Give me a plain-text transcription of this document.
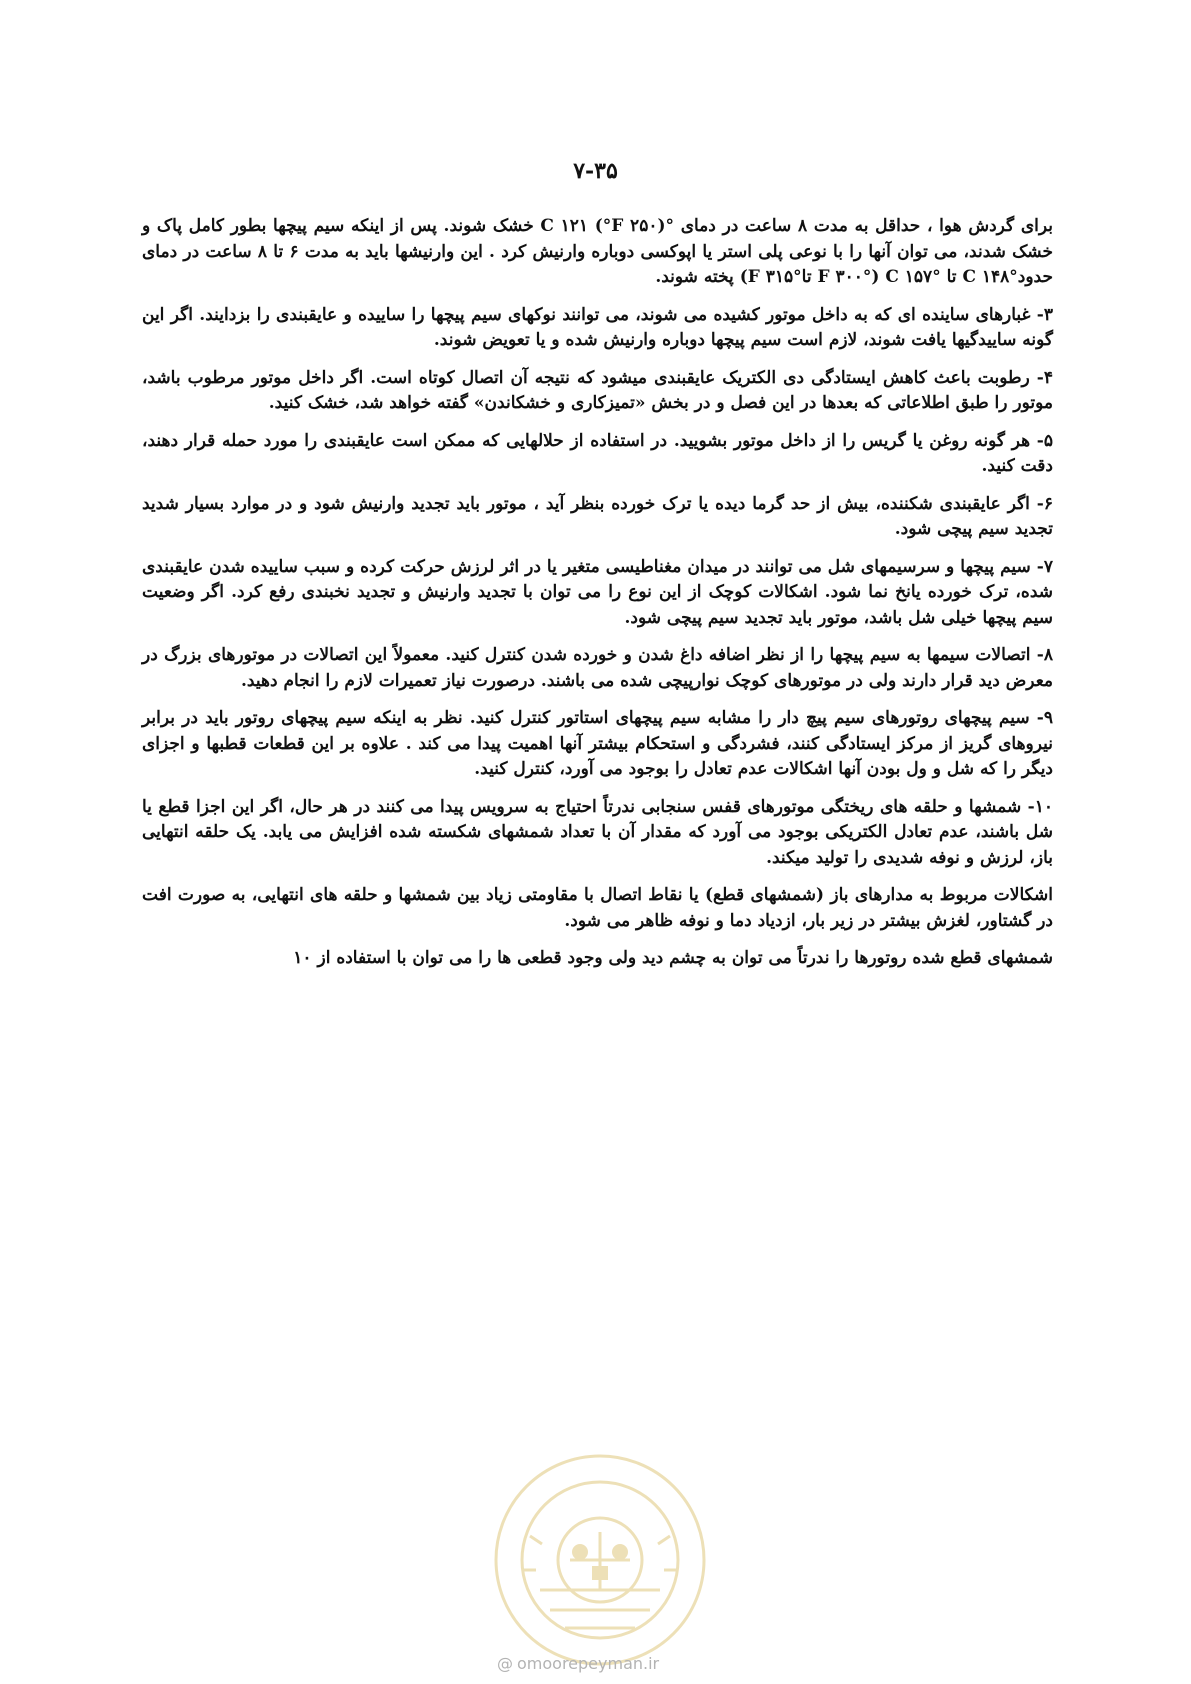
۷-۳۵

برای گردش هوا ، حداقل به مدت ۸ ساعت در دمای °C ۱۲۱ (°F ۲۵۰) خشک شوند. پس از اینکه سیم پیچها بطور کامل پاک و خشک شدند، می توان آنها را با نوعی پلی استر یا اپوکسی دوباره وارنیش کرد . این وارنیشها باید به مدت ۶ تا ۸ ساعت در دمای حدود°C ۱۴۸ تا °C ۱۵۷ (°F ۳۰۰ تا°F ۳۱۵) پخته شوند.

۳- غبارهای ساینده ای که به داخل موتور کشیده می شوند، می توانند نوکهای سیم پیچها را ساییده و عایقبندی را بزدایند. اگر این گونه ساییدگیها یافت شوند، لازم است سیم پیچها دوباره وارنیش شده و یا تعویض شوند.

۴- رطوبت باعث کاهش ایستادگی دی الکتریک عایقبندی میشود که نتیجه آن اتصال کوتاه است. اگر داخل موتور مرطوب باشد، موتور را طبق اطلاعاتی که بعدها در این فصل و در بخش «تمیزکاری و خشکاندن» گفته خواهد شد، خشک کنید.

۵- هر گونه روغن یا گریس را از داخل موتور بشویید. در استفاده از حلالهایی که ممکن است عایقبندی را مورد حمله قرار دهند، دقت کنید.

۶- اگر عایقبندی شکننده، بیش از حد گرما دیده یا ترک خورده بنظر آید ، موتور باید تجدید وارنیش شود و در موارد بسیار شدید تجدید سیم پیچی شود.

۷- سیم پیچها و سرسیمهای شل می توانند در میدان مغناطیسی متغیر یا در اثر لرزش حرکت کرده و سبب ساییده شدن عایقبندی شده، ترک خورده یانخ نما شود. اشکالات کوچک از این نوع را می توان با تجدید وارنیش و تجدید نخبندی رفع کرد. اگر وضعیت سیم پیچها خیلی شل باشد، موتور باید تجدید سیم پیچی شود.

۸- اتصالات سیمها به سیم پیچها را از نظر اضافه داغ شدن و خورده شدن کنترل کنید. معمولاً این اتصالات در موتورهای بزرگ در معرض دید قرار دارند ولی در موتورهای کوچک نوارپیچی شده می باشند. درصورت نیاز تعمیرات لازم را انجام دهید.

۹- سیم پیچهای روتورهای سیم پیچ دار را مشابه سیم پیچهای استاتور کنترل کنید. نظر به اینکه سیم پیچهای روتور باید در برابر نیروهای گریز از مرکز ایستادگی کنند، فشردگی و استحکام بیشتر آنها اهمیت پیدا می کند . علاوه بر این قطعات قطبها و اجزای دیگر را که شل و ول بودن آنها اشکالات عدم تعادل را بوجود می آورد، کنترل کنید.

۱۰- شمشها و حلقه های ریختگی موتورهای قفس سنجابی ندرتاً احتیاج به سرویس پیدا می کنند در هر حال، اگر این اجزا قطع یا شل باشند، عدم تعادل الکتریکی بوجود می آورد که مقدار آن با تعداد شمشهای شکسته شده افزایش می یابد. یک حلقه انتهایی باز، لرزش و نوفه شدیدی را تولید میکند.

اشکالات مربوط به مدارهای باز (شمشهای قطع) یا نقاط اتصال با مقاومتی زیاد بین شمشها و حلقه های انتهایی، به صورت افت در گشتاور، لغزش بیشتر در زیر بار، ازدیاد دما و نوفه ظاهر می شود.

شمشهای قطع شده روتورها را ندرتاً می توان به چشم دید ولی وجود قطعی ها را می توان با استفاده از ۱۰

@ omoorepeyman.ir
